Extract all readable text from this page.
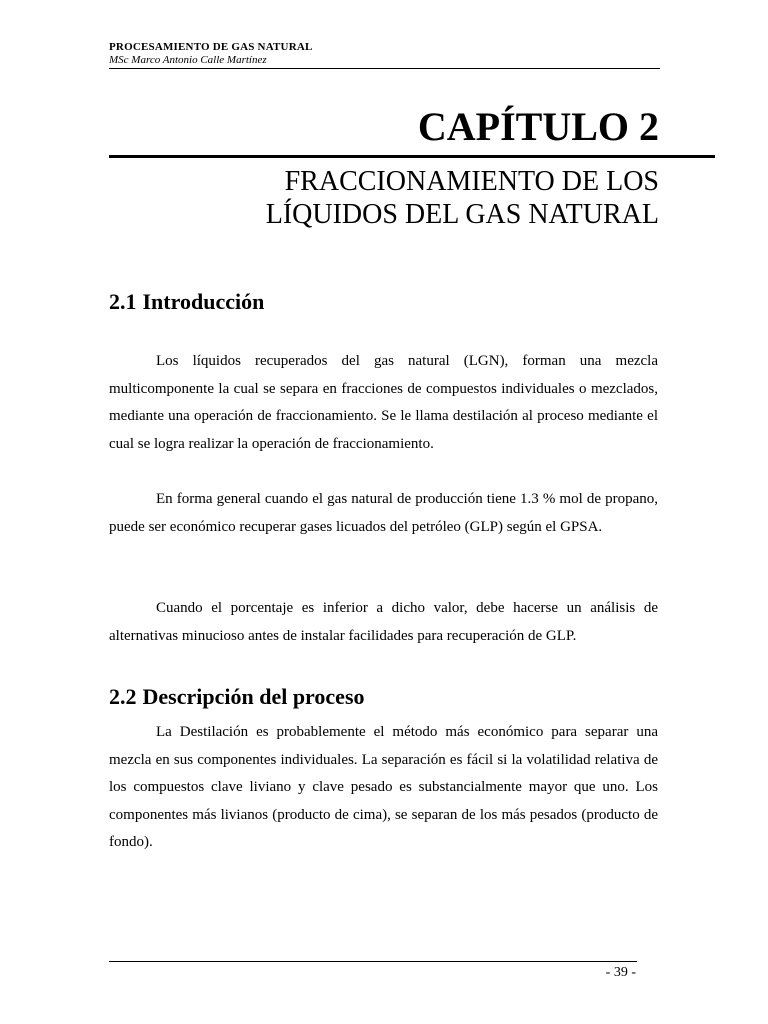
PROCESAMIENTO DE GAS NATURAL
MSc Marco Antonio Calle Martínez
CAPÍTULO 2
FRACCIONAMIENTO DE LOS
LÍQUIDOS DEL GAS NATURAL
2.1 Introducción

Los líquidos recuperados del gas natural (LGN), forman una mezcla multicomponente la cual se separa en fracciones de compuestos individuales o mezclados, mediante una operación de fraccionamiento. Se le llama destilación al proceso mediante el cual se logra realizar la operación de fraccionamiento.

En forma general cuando el gas natural de producción tiene 1.3 % mol de propano, puede ser económico recuperar gases licuados del petróleo (GLP) según el GPSA.

Cuando el porcentaje es inferior a dicho valor, debe hacerse un análisis de alternativas minucioso antes de instalar facilidades para recuperación de GLP.

2.2 Descripción del proceso

La Destilación es probablemente el método más económico para separar una mezcla en sus componentes individuales. La separación es fácil si la volatilidad relativa de los compuestos clave liviano y clave pesado es substancialmente mayor que uno. Los componentes más livianos (producto de cima), se separan de los más pesados (producto de fondo).

- 39 -
